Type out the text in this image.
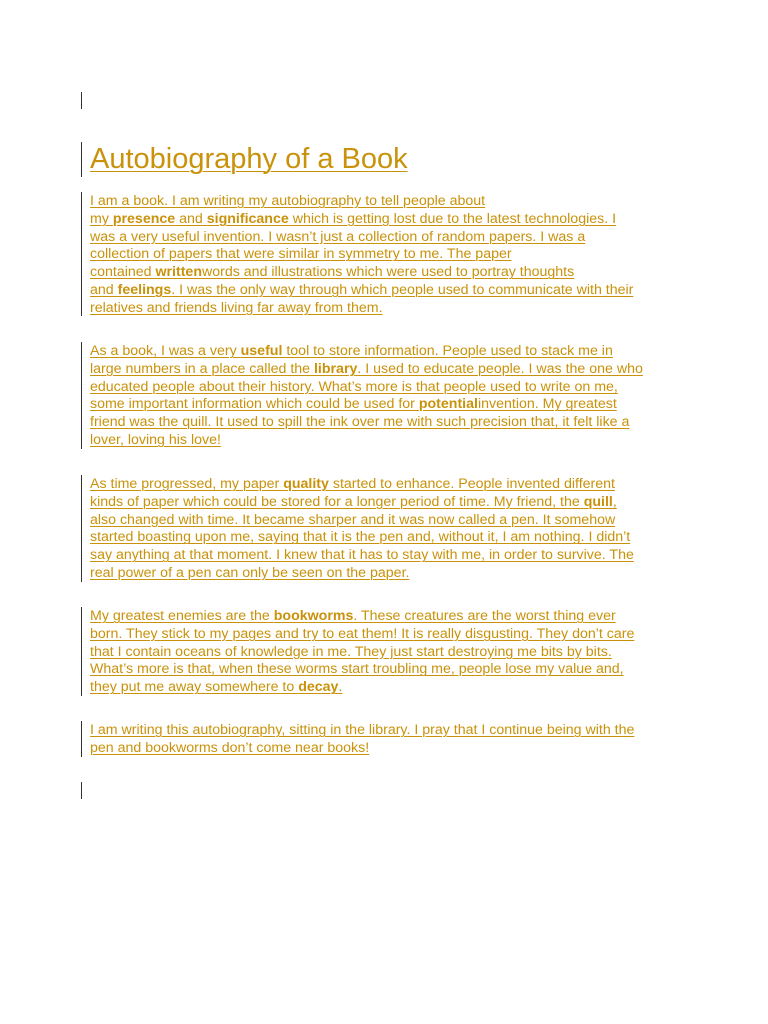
Autobiography of a Book

I am a book. I am writing my autobiography to tell people about
my presence and significance which is getting lost due to the latest technologies. I
was a very useful invention. I wasn’t just a collection of random papers. I was a
collection of papers that were similar in symmetry to me. The paper
contained writtenwords and illustrations which were used to portray thoughts
and feelings. I was the only way through which people used to communicate with their
relatives and friends living far away from them.

As a book, I was a very useful tool to store information. People used to stack me in
large numbers in a place called the library. I used to educate people. I was the one who
educated people about their history. What’s more is that people used to write on me,
some important information which could be used for potentialinvention. My greatest
friend was the quill. It used to spill the ink over me with such precision that, it felt like a
lover, loving his love!

As time progressed, my paper quality started to enhance. People invented different
kinds of paper which could be stored for a longer period of time. My friend, the quill,
also changed with time. It became sharper and it was now called a pen. It somehow
started boasting upon me, saying that it is the pen and, without it, I am nothing. I didn’t
say anything at that moment. I knew that it has to stay with me, in order to survive. The
real power of a pen can only be seen on the paper.

My greatest enemies are the bookworms. These creatures are the worst thing ever
born. They stick to my pages and try to eat them! It is really disgusting. They don’t care
that I contain oceans of knowledge in me. They just start destroying me bits by bits.
What’s more is that, when these worms start troubling me, people lose my value and,
they put me away somewhere to decay.

I am writing this autobiography, sitting in the library. I pray that I continue being with the
pen and bookworms don’t come near books!
